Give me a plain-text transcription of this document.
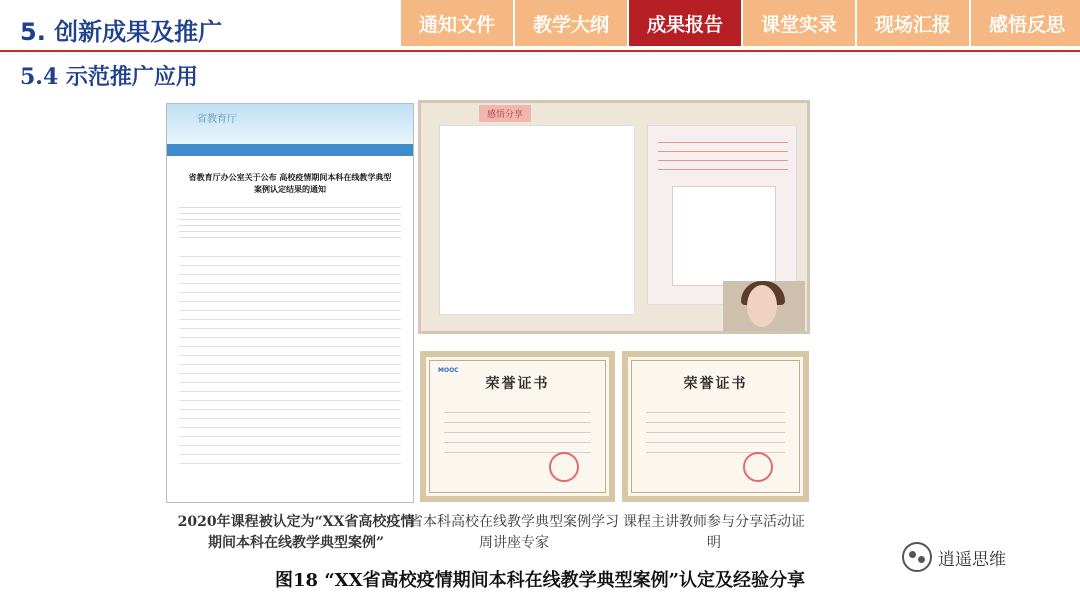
5. 创新成果及推广	通知文件	教学大纲	成果报告	课堂实录	现场汇报	感悟反思
5.4 示范推广应用
省教育厅
省教育厅办公室关于公布 高校疫情期间本科在线教学典型案例认定结果的通知
感悟分享
MOOC
荣誉证书	荣誉证书
2020年课程被认定为“XX省高校疫情期间本科在线教学典型案例”
省本科高校在线教学典型案例学习周讲座专家
课程主讲教师参与分享活动证明
图18 “XX省高校疫情期间本科在线教学典型案例”认定及经验分享
逍遥思维
